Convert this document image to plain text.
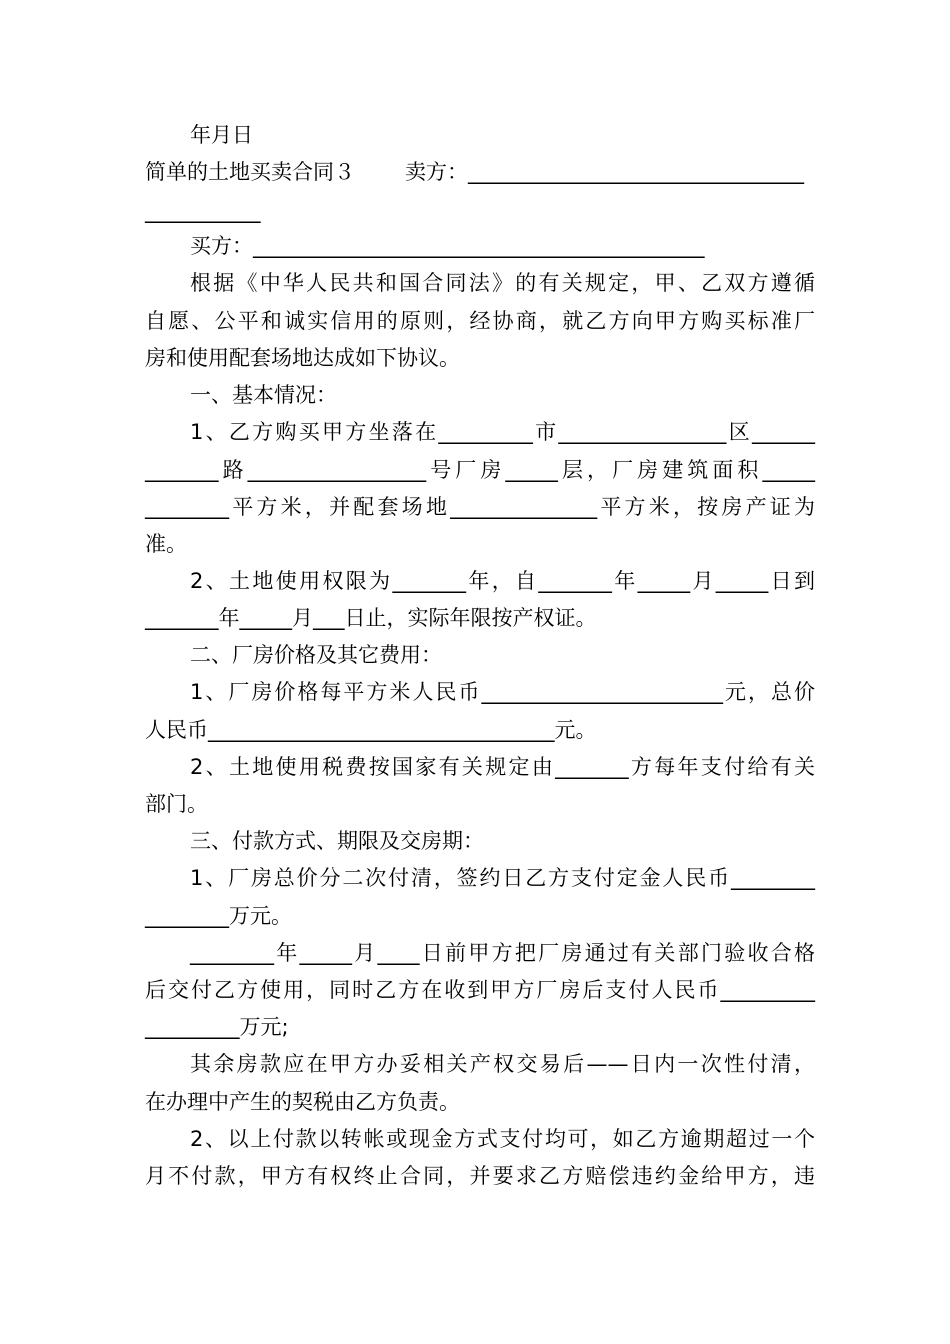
年月日
简单的土地买卖合同３ 卖方：________________________________
___________
买方：___________________________________________
根据《中华人民共和国合同法》的有关规定，甲、乙双方遵循
自愿、公平和诚实信用的原则，经协商，就乙方向甲方购买标准厂
房和使用配套场地达成如下协议。
一、基本情况：
1、乙方购买甲方坐落在_________市________________区______
_______路_________________号厂房_____层，厂房建筑面积_____
________平方米，并配套场地______________平方米，按房产证为
准。
2、土地使用权限为_______年，自_______年_____月_____日到
_______年_____月___日止，实际年限按产权证。
二、厂房价格及其它费用：
1、厂房价格每平方米人民币_______________________元，总价
人民币_________________________________元。
2、土地使用税费按国家有关规定由_______方每年支付给有关
部门。
三、付款方式、期限及交房期：
1、厂房总价分二次付清，签约日乙方支付定金人民币________
________万元。
________年_____月____日前甲方把厂房通过有关部门验收合格
后交付乙方使用，同时乙方在收到甲方厂房后支付人民币_________
_________万元;
其余房款应在甲方办妥相关产权交易后——日内一次性付清，
在办理中产生的契税由乙方负责。
2、以上付款以转帐或现金方式支付均可，如乙方逾期超过一个
月不付款，甲方有权终止合同，并要求乙方赔偿违约金给甲方，违
